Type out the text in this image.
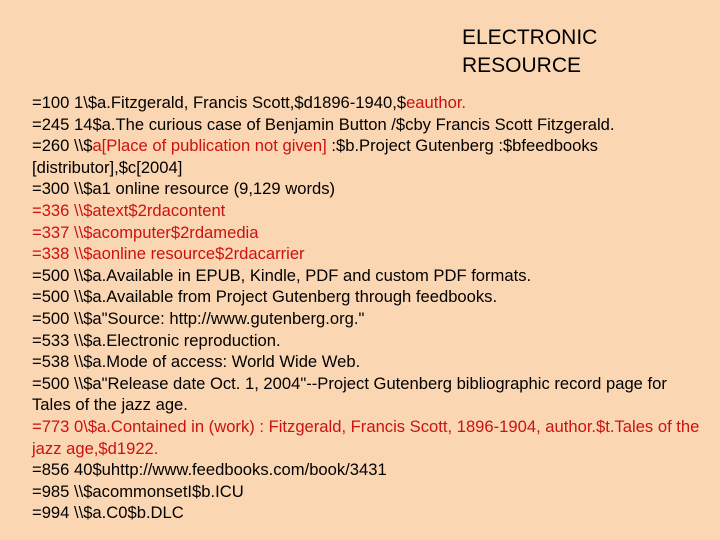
ELECTRONIC
RESOURCE
=100 1\$a.Fitzgerald, Francis Scott,$d1896-1940,$eauthor.
=245 14$a.The curious case of Benjamin Button /$cby Francis Scott Fitzgerald.
=260 \\$a[Place of publication not given] :$b.Project Gutenberg :$bfeedbooks [distributor],$c[2004]
=300 \\$a1 online resource (9,129 words)
=336 \\$atext$2rdacontent
=337 \\$acomputer$2rdamedia
=338 \\$aonline resource$2rdacarrier
=500 \\$a.Available in EPUB, Kindle, PDF and custom PDF formats.
=500 \\$a.Available from Project Gutenberg through feedbooks.
=500 \\$a"Source: http://www.gutenberg.org."
=533 \\$a.Electronic reproduction.
=538 \\$a.Mode of access: World Wide Web.
=500 \\$a"Release date Oct. 1, 2004"--Project Gutenberg bibliographic record page for Tales of the jazz age.
=773 0\$a.Contained in (work) : Fitzgerald, Francis Scott, 1896-1904, author.$t.Tales of the jazz age,$d1922.
=856 40$uhttp://www.feedbooks.com/book/3431
=985 \\$acommonsetI$b.ICU
=994 \\$a.C0$b.DLC
